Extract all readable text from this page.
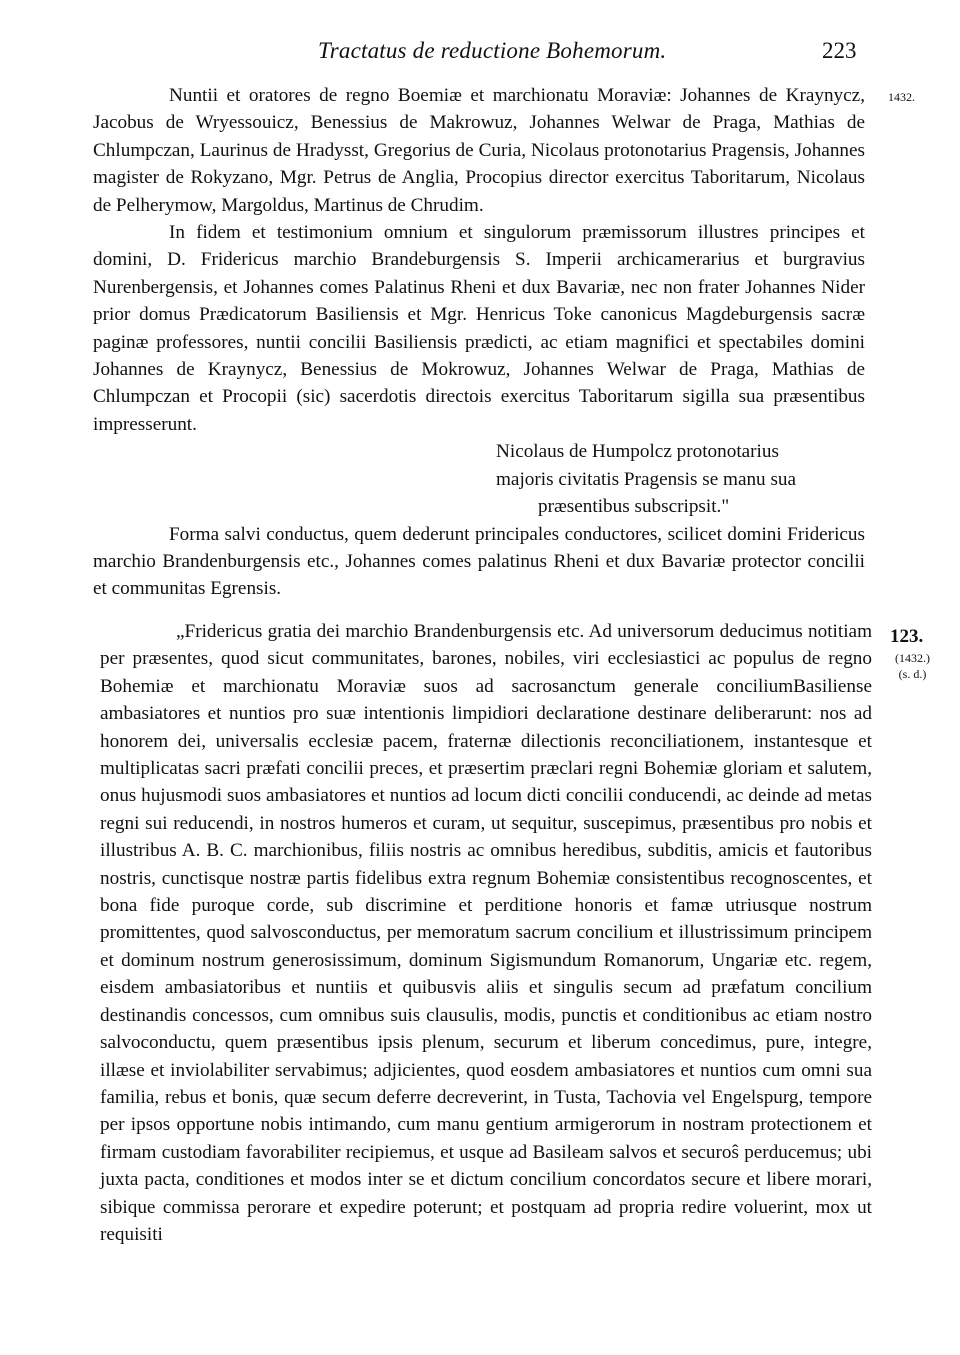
Tractatus de reductione Bohemorum.	223
1432.

Nuntii et oratores de regno Boemiæ et marchionatu Moraviæ: Johannes de Kraynycz, Jacobus de Wryessouicz, Benessius de Makrowuz, Johannes Welwar de Praga, Mathias de Chlumpczan, Laurinus de Hradysst, Gregorius de Curia, Nicolaus protonotarius Pragensis, Johannes magister de Rokyzano, Mgr. Petrus de Anglia, Procopius director exercitus Taboritarum, Nicolaus de Pelherymow, Margoldus, Martinus de Chrudim.

In fidem et testimonium omnium et singulorum præmissorum illustres principes et domini, D. Fridericus marchio Brandeburgensis S. Imperii archicamerarius et burgravius Nurenbergensis, et Johannes comes Palatinus Rheni et dux Bavariæ, nec non frater Johannes Nider prior domus Prædicatorum Basiliensis et Mgr. Henricus Toke canonicus Magdeburgensis sacræ paginæ professores, nuntii concilii Basiliensis prædicti, ac etiam magnifici et spectabiles domini Johannes de Kraynycz, Benessius de Mokrowuz, Johannes Welwar de Praga, Mathias de Chlumpczan et Procopii (sic) sacerdotis directois exercitus Taboritarum sigilla sua præsentibus impresserunt.

Nicolaus de Humpolcz protonotarius
majoris civitatis Pragensis se manu sua
præsentibus subscripsit."

Forma salvi conductus, quem dederunt principales conductores, scilicet domini Fridericus marchio Brandenburgensis etc., Johannes comes palatinus Rheni et dux Bavariæ protector concilii et communitas Egrensis.

123.
(1432.)
(s. d.)

„Fridericus gratia dei marchio Brandenburgensis etc. Ad universorum deducimus notitiam per præsentes, quod sicut communitates, barones, nobiles, viri ecclesiastici ac populus de regno Bohemiæ et marchionatu Moraviæ suos ad sacrosanctum generale conciliumBasiliense ambasiatores et nuntios pro suæ intentionis limpidiori declaratione destinare deliberarunt: nos ad honorem dei, universalis ecclesiæ pacem, fraternæ dilectionis reconciliationem, instantesque et multiplicatas sacri præfati concilii preces, et præsertim præclari regni Bohemiæ gloriam et salutem, onus hujusmodi suos ambasiatores et nuntios ad locum dicti concilii conducendi, ac deinde ad metas regni sui reducendi, in nostros humeros et curam, ut sequitur, suscepimus, præsentibus pro nobis et illustribus A. B. C. marchionibus, filiis nostris ac omnibus heredibus, subditis, amicis et fautoribus nostris, cunctisque nostræ partis fidelibus extra regnum Bohemiæ consistentibus recognoscentes, et bona fide puroque corde, sub discrimine et perditione honoris et famæ utriusque nostrum promittentes, quod salvosconductus, per memoratum sacrum concilium et illustrissimum principem et dominum nostrum generosissimum, dominum Sigismundum Romanorum, Ungariæ etc. regem, eisdem ambasiatoribus et nuntiis et quibusvis aliis et singulis secum ad præfatum concilium destinandis concessos, cum omnibus suis clausulis, modis, punctis et conditionibus ac etiam nostro salvoconductu, quem præsentibus ipsis plenum, securum et liberum concedimus, pure, integre, illæse et inviolabiliter servabimus; adjicientes, quod eosdem ambasiatores et nuntios cum omni sua familia, rebus et bonis, quæ secum deferre decreverint, in Tusta, Tachovia vel Engelspurg, tempore per ipsos opportune nobis intimando, cum manu gentium armigerorum in nostram protectionem et firmam custodiam favorabiliter recipiemus, et usque ad Basileam salvos et securoŝ perducemus; ubi juxta pacta, conditiones et modos inter se et dictum concilium concordatos secure et libere morari, sibique commissa perorare et expedire poterunt; et postquam ad propria redire voluerint, mox ut requisiti
